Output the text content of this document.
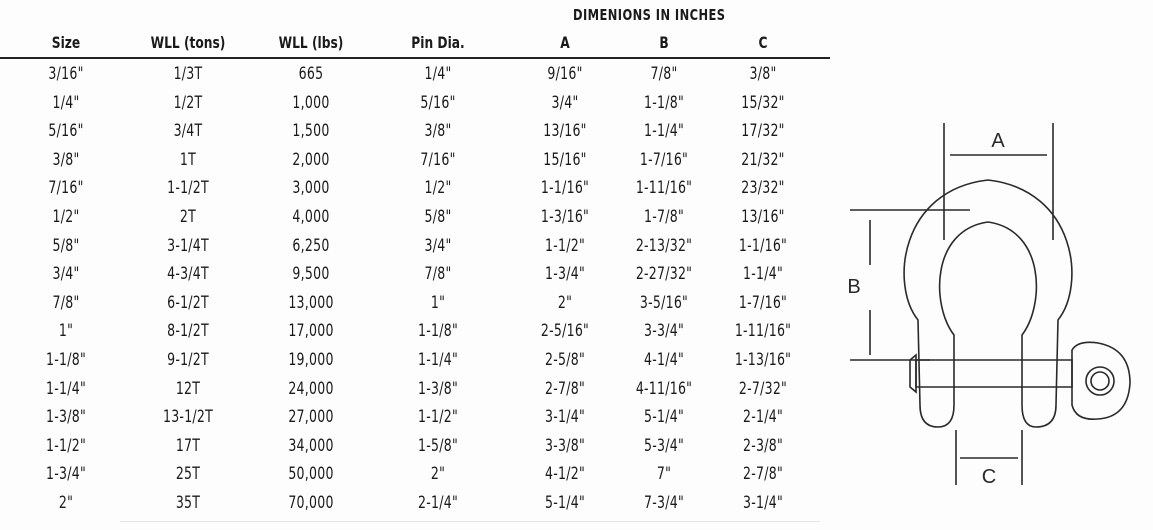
DIMENIONS IN INCHES
Size	WLL (tons)	WLL (lbs)	Pin Dia.	A	B	C
3/16"	1/3T	665	1/4"	9/16"	7/8"	3/8"
1/4"	1/2T	1,000	5/16"	3/4"	1-1/8"	15/32"
5/16"	3/4T	1,500	3/8"	13/16"	1-1/4"	17/32"
3/8"	1T	2,000	7/16"	15/16"	1-7/16"	21/32"
7/16"	1-1/2T	3,000	1/2"	1-1/16"	1-11/16"	23/32"
1/2"	2T	4,000	5/8"	1-3/16"	1-7/8"	13/16"
5/8"	3-1/4T	6,250	3/4"	1-1/2"	2-13/32"	1-1/16"
3/4"	4-3/4T	9,500	7/8"	1-3/4"	2-27/32"	1-1/4"
7/8"	6-1/2T	13,000	1"	2"	3-5/16"	1-7/16"
1"	8-1/2T	17,000	1-1/8"	2-5/16"	3-3/4"	1-11/16"
1-1/8"	9-1/2T	19,000	1-1/4"	2-5/8"	4-1/4"	1-13/16"
1-1/4"	12T	24,000	1-3/8"	2-7/8"	4-11/16"	2-7/32"
1-3/8"	13-1/2T	27,000	1-1/2"	3-1/4"	5-1/4"	2-1/4"
1-1/2"	17T	34,000	1-5/8"	3-3/8"	5-3/4"	2-3/8"
1-3/4"	25T	50,000	2"	4-1/2"	7"	2-7/8"
2"	35T	70,000	2-1/4"	5-1/4"	7-3/4"	3-1/4"
A
B
C
